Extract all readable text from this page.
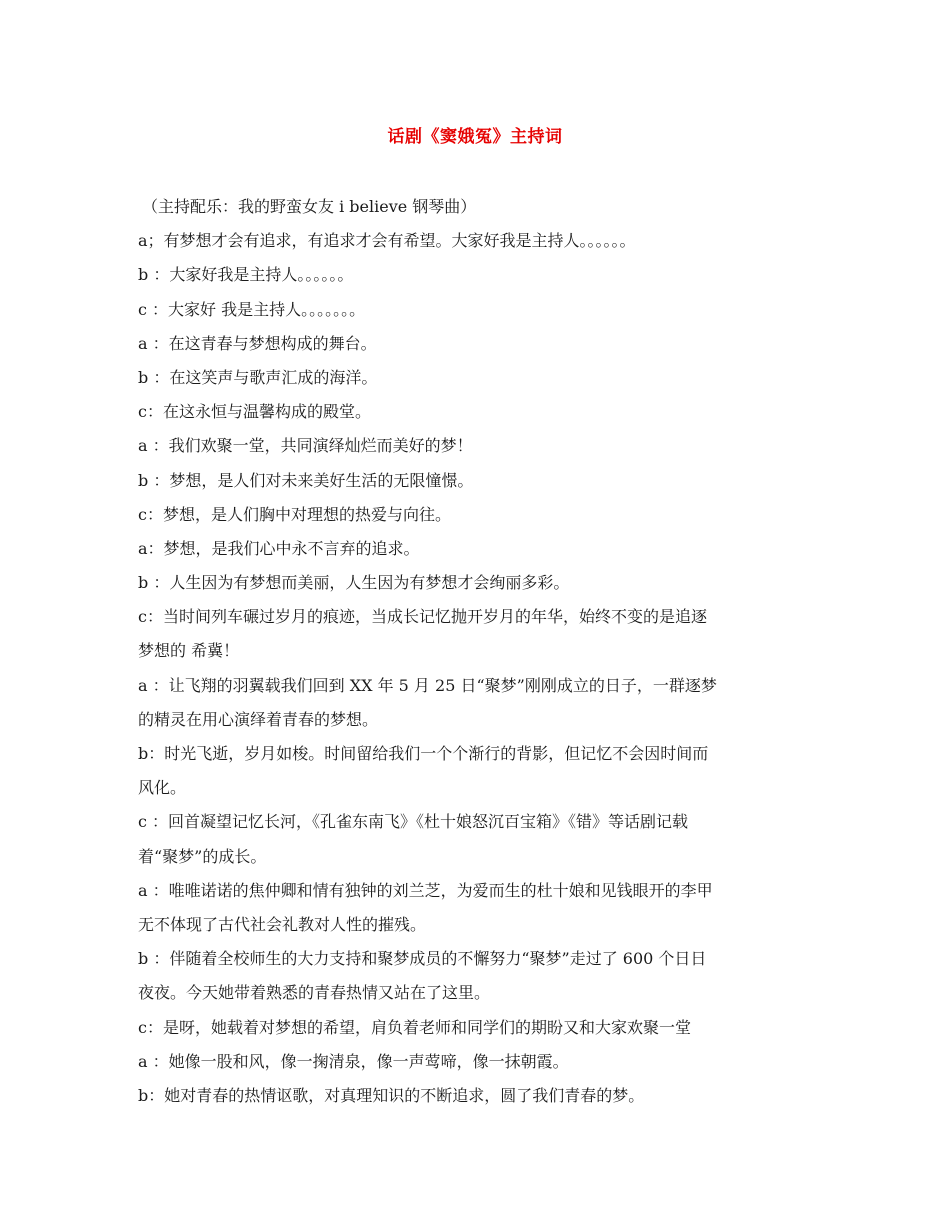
话剧《窦娥冤》主持词
（主持配乐：我的野蛮女友 i believe 钢琴曲）
a；有梦想才会有追求，有追求才会有希望。大家好我是主持人。。。。。。
b ：大家好我是主持人。。。。。。
c ：大家好 我是主持人。。。。。。。
a ：在这青春与梦想构成的舞台。
b ：在这笑声与歌声汇成的海洋。
c：在这永恒与温馨构成的殿堂。
a ：我们欢聚一堂，共同演绎灿烂而美好的梦！
b ：梦想，是人们对未来美好生活的无限憧憬。
c：梦想，是人们胸中对理想的热爱与向往。
a：梦想，是我们心中永不言弃的追求。
b ：人生因为有梦想而美丽，人生因为有梦想才会绚丽多彩。
c：当时间列车碾过岁月的痕迹，当成长记忆抛开岁月的年华，始终不变的是追逐
梦想的 希冀！
a ：让飞翔的羽翼载我们回到 XX 年 5 月 25 日“聚梦”刚刚成立的日子，一群逐梦
的精灵在用心演绎着青春的梦想。
b：时光飞逝，岁月如梭。时间留给我们一个个渐行的背影，但记忆不会因时间而
风化。
c ：回首凝望记忆长河，《孔雀东南飞》《杜十娘怒沉百宝箱》《错》等话剧记载
着“聚梦”的成长。
a ：唯唯诺诺的焦仲卿和情有独钟的刘兰芝，为爱而生的杜十娘和见钱眼开的李甲
无不体现了古代社会礼教对人性的摧残。
b ：伴随着全校师生的大力支持和聚梦成员的不懈努力“聚梦”走过了 600 个日日
夜夜。今天她带着熟悉的青春热情又站在了这里。
c：是呀，她载着对梦想的希望，肩负着老师和同学们的期盼又和大家欢聚一堂
a ：她像一股和风，像一掬清泉，像一声莺啼，像一抹朝霞。
b：她对青春的热情讴歌，对真理知识的不断追求，圆了我们青春的梦。
